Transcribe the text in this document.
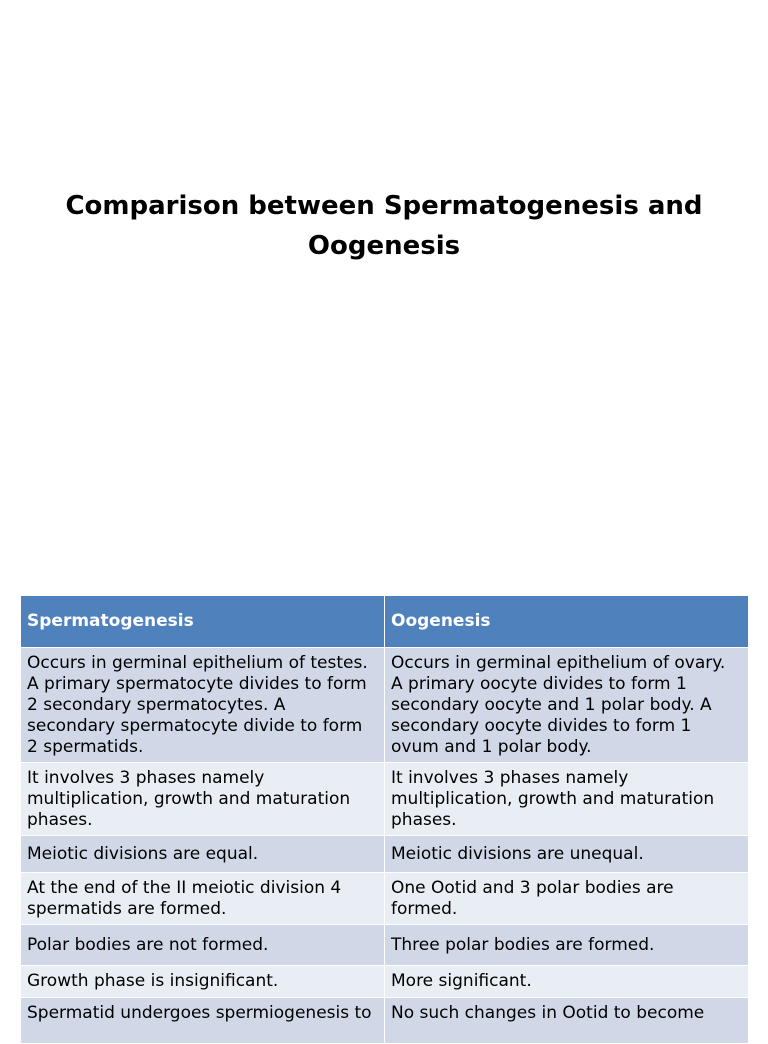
Comparison between Spermatogenesis and
Oogenesis
Spermatogenesis	Oogenesis
Occurs in germinal epithelium of testes. A primary spermatocyte divides to form 2 secondary spermatocytes. A secondary spermatocyte divide to form 2 spermatids.	Occurs in germinal epithelium of ovary. A primary oocyte divides to form 1 secondary oocyte and 1 polar body. A secondary oocyte divides to form 1 ovum and 1 polar body.
It involves 3 phases namely multiplication, growth and maturation phases.	It involves 3 phases namely multiplication, growth and maturation phases.
Meiotic divisions are equal.	Meiotic divisions are unequal.
At the end of the II meiotic division 4 spermatids are formed.	One Ootid and 3 polar bodies are formed.
Polar bodies are not formed.	Three polar bodies are formed.
Growth phase is insignificant.	More significant.
Spermatid undergoes spermiogenesis to	No such changes in Ootid to become
